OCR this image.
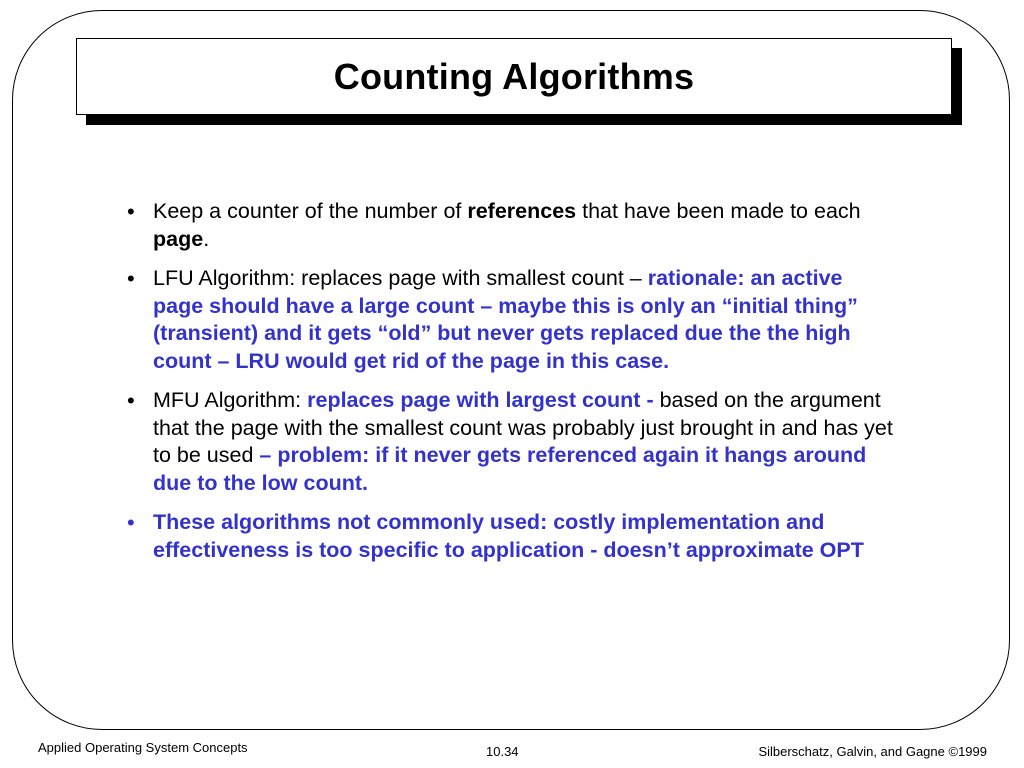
Counting Algorithms
• Keep a counter of the number of references that have been made to each page.
• LFU Algorithm: replaces page with smallest count – rationale: an active page should have a large count – maybe this is only an “initial thing” (transient) and it gets “old” but never gets replaced due the the high count – LRU would get rid of the page in this case.
• MFU Algorithm: replaces page with largest count - based on the argument that the page with the smallest count was probably just brought in and has yet to be used – problem: if it never gets referenced again it hangs around due to the low count.
• These algorithms not commonly used: costly implementation and effectiveness is too specific to application - doesn’t approximate OPT
Applied Operating System Concepts	10.34	Silberschatz, Galvin, and Gagne ©1999
